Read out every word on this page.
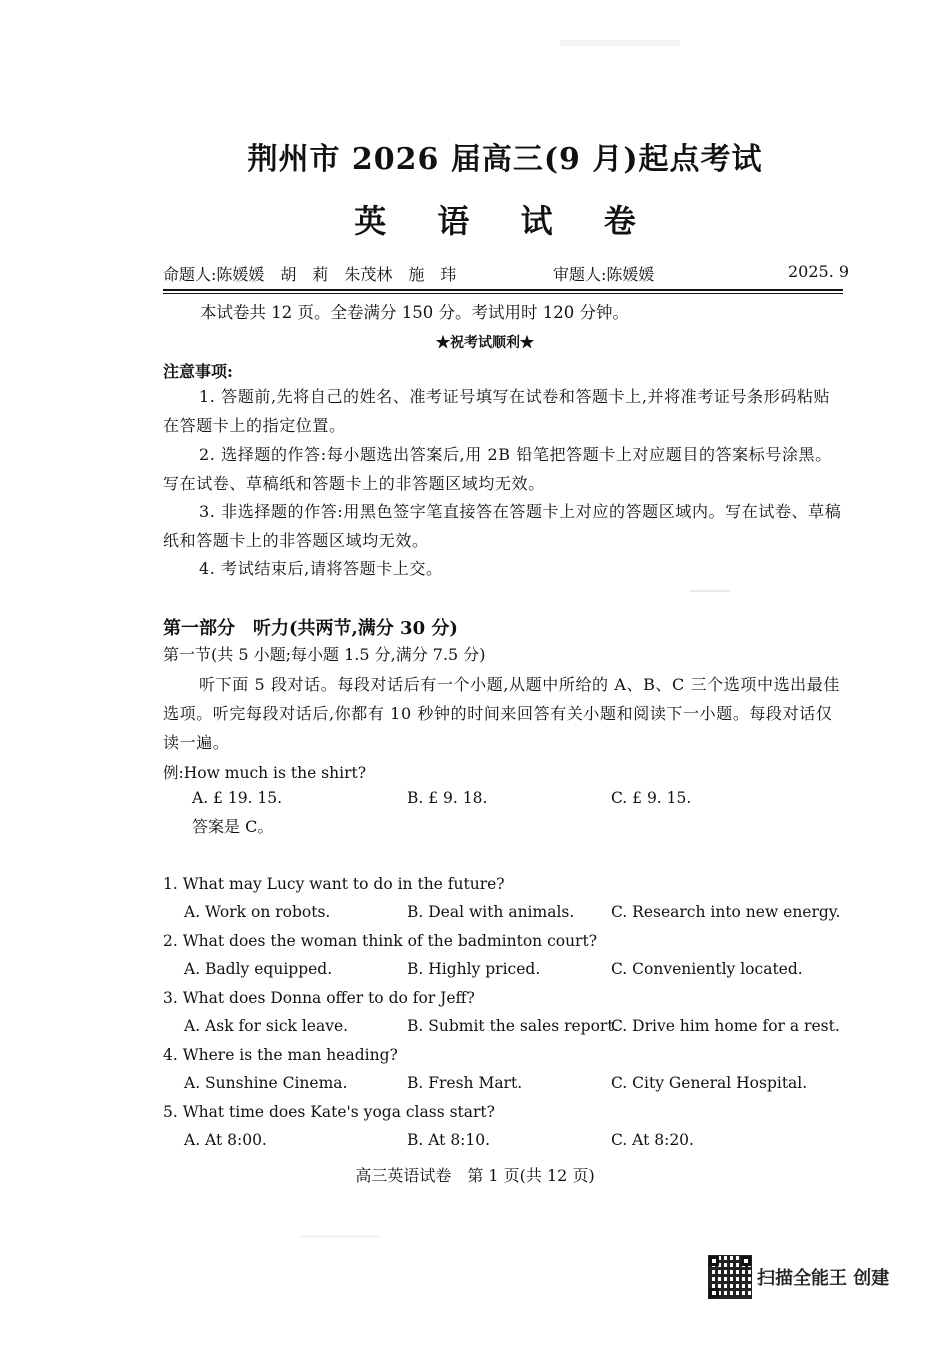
荆州市 2026 届高三(9 月)起点考试
英 语 试 卷
命题人:陈媛媛　胡　莉　朱茂林　施　玮	审题人:陈媛媛	2025. 9
本试卷共 12 页。全卷满分 150 分。考试用时 120 分钟。
★祝考试顺利★
注意事项:
1. 答题前,先将自己的姓名、准考证号填写在试卷和答题卡上,并将准考证号条形码粘贴在答题卡上的指定位置。
2. 选择题的作答:每小题选出答案后,用 2B 铅笔把答题卡上对应题目的答案标号涂黑。写在试卷、草稿纸和答题卡上的非答题区域均无效。
3. 非选择题的作答:用黑色签字笔直接答在答题卡上对应的答题区域内。写在试卷、草稿纸和答题卡上的非答题区域均无效。
4. 考试结束后,请将答题卡上交。
第一部分　听力(共两节,满分 30 分)
第一节(共 5 小题;每小题 1.5 分,满分 7.5 分)
听下面 5 段对话。每段对话后有一个小题,从题中所给的 A、B、C 三个选项中选出最佳选项。听完每段对话后,你都有 10 秒钟的时间来回答有关小题和阅读下一小题。每段对话仅读一遍。
例:How much is the shirt?
A. £ 19. 15.	B. £ 9. 18.	C. £ 9. 15.
答案是 C。
1. What may Lucy want to do in the future?
A. Work on robots.	B. Deal with animals. C. Research into new energy.
2. What does the woman think of the badminton court?
A. Badly equipped.	B. Highly priced.	C. Conveniently located.
3. What does Donna offer to do for Jeff?
A. Ask for sick leave.	B. Submit the sales report.
C. Drive him home for a rest.
4. Where is the man heading?
A. Sunshine Cinema.	B. Fresh Mart.	C. City General Hospital.
5. What time does Kate's yoga class start?
A. At 8:00.	B. At 8:10.	C. At 8:20.
高三英语试卷　第 1 页(共 12 页)
扫描全能王 创建
